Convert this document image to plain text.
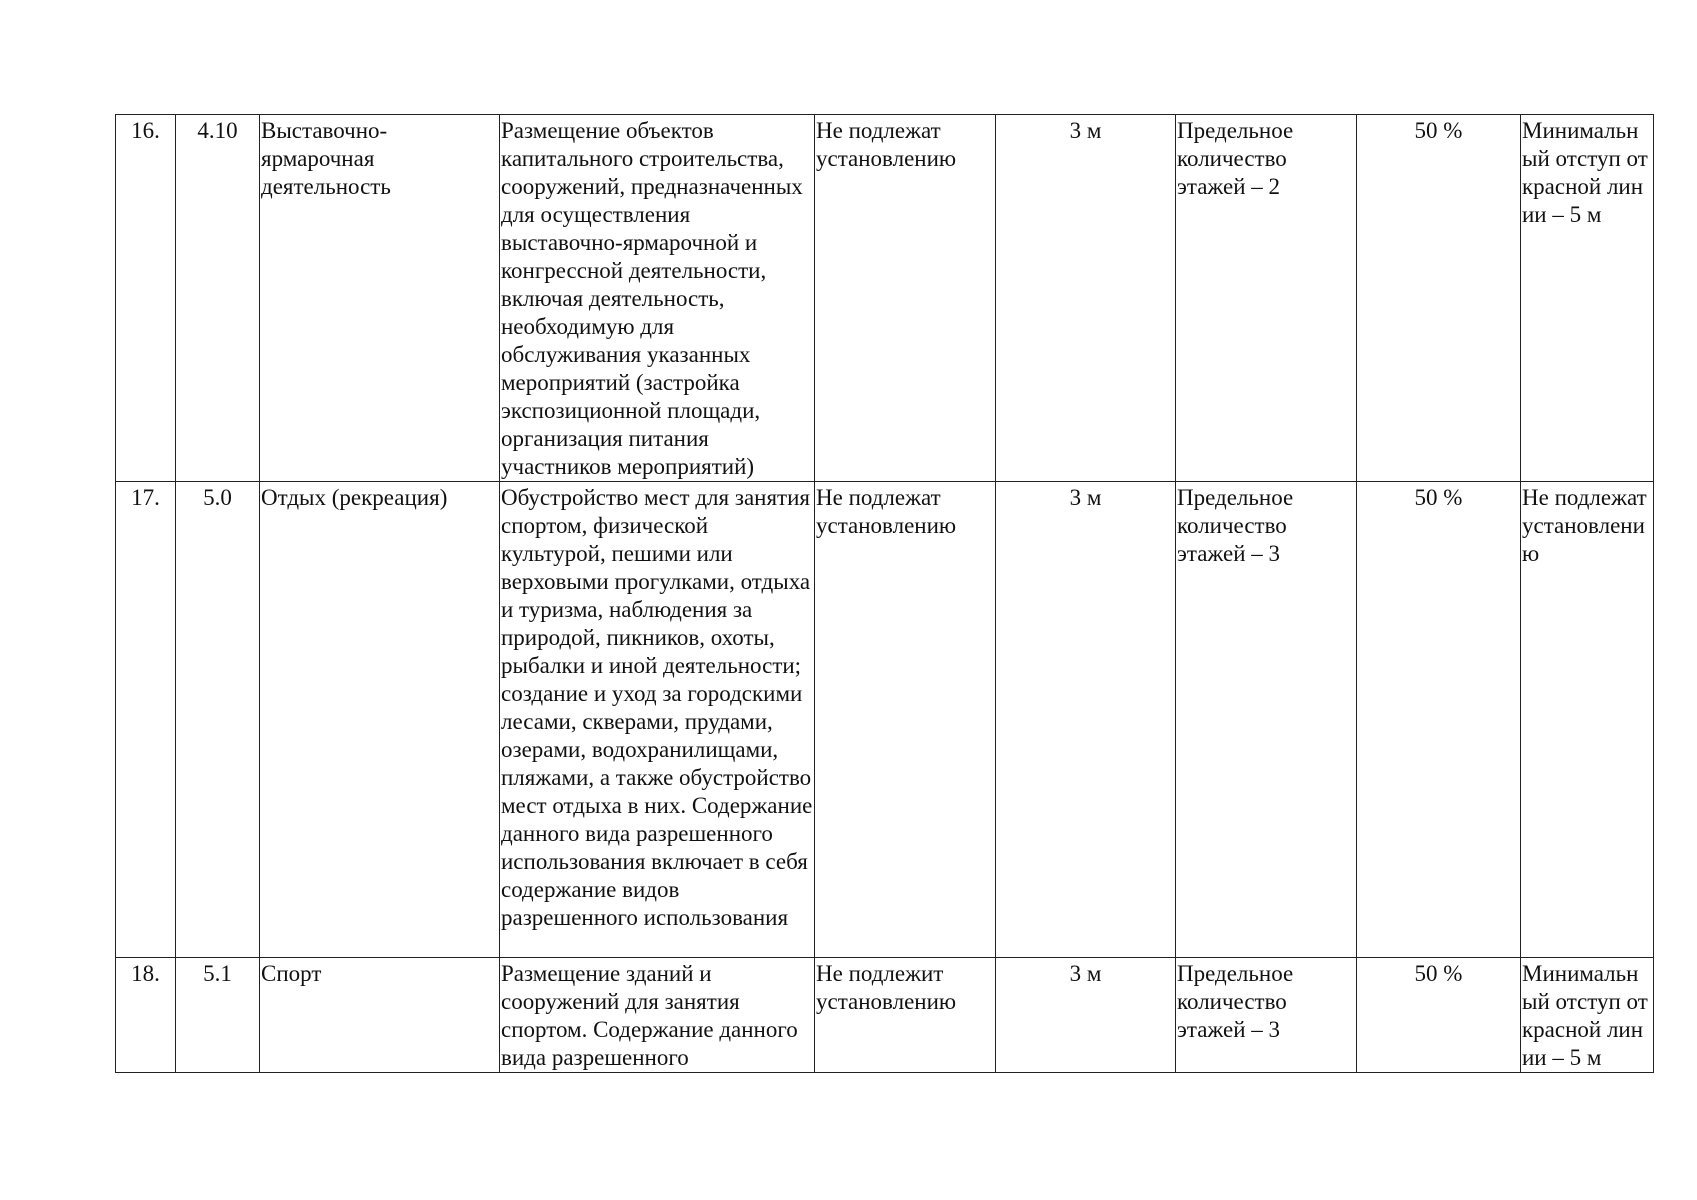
16.	4.10	Выставочно-ярмарочная деятельность	Размещение объектов капитального строительства, сооружений, предназначенных для осуществления выставочно-ярмарочной и конгрессной деятельности, включая деятельность, необходимую для обслуживания указанных мероприятий (застройка экспозиционной площади, организация питания участников мероприятий)	Не подлежат установлению	3 м	Предельное количество этажей – 2	50 %	Минимальный отступ от красной линии – 5 м
17.	5.0	Отдых (рекреация)	Обустройство мест для занятия спортом, физической культурой, пешими или верховыми прогулками, отдыха и туризма, наблюдения за природой, пикников, охоты, рыбалки и иной деятельности; создание и уход за городскими лесами, скверами, прудами, озерами, водохранилищами, пляжами, а также обустройство мест отдыха в них. Содержание данного вида разрешенного использования включает в себя содержание видов разрешенного использования	Не подлежат установлению	3 м	Предельное количество этажей – 3	50 %	Не подлежат установлению
18.	5.1	Спорт	Размещение зданий и сооружений для занятия спортом. Содержание данного вида разрешенного	Не подлежит установлению	3 м	Предельное количество этажей – 3	50 %	Минимальный отступ от красной линии – 5 м
